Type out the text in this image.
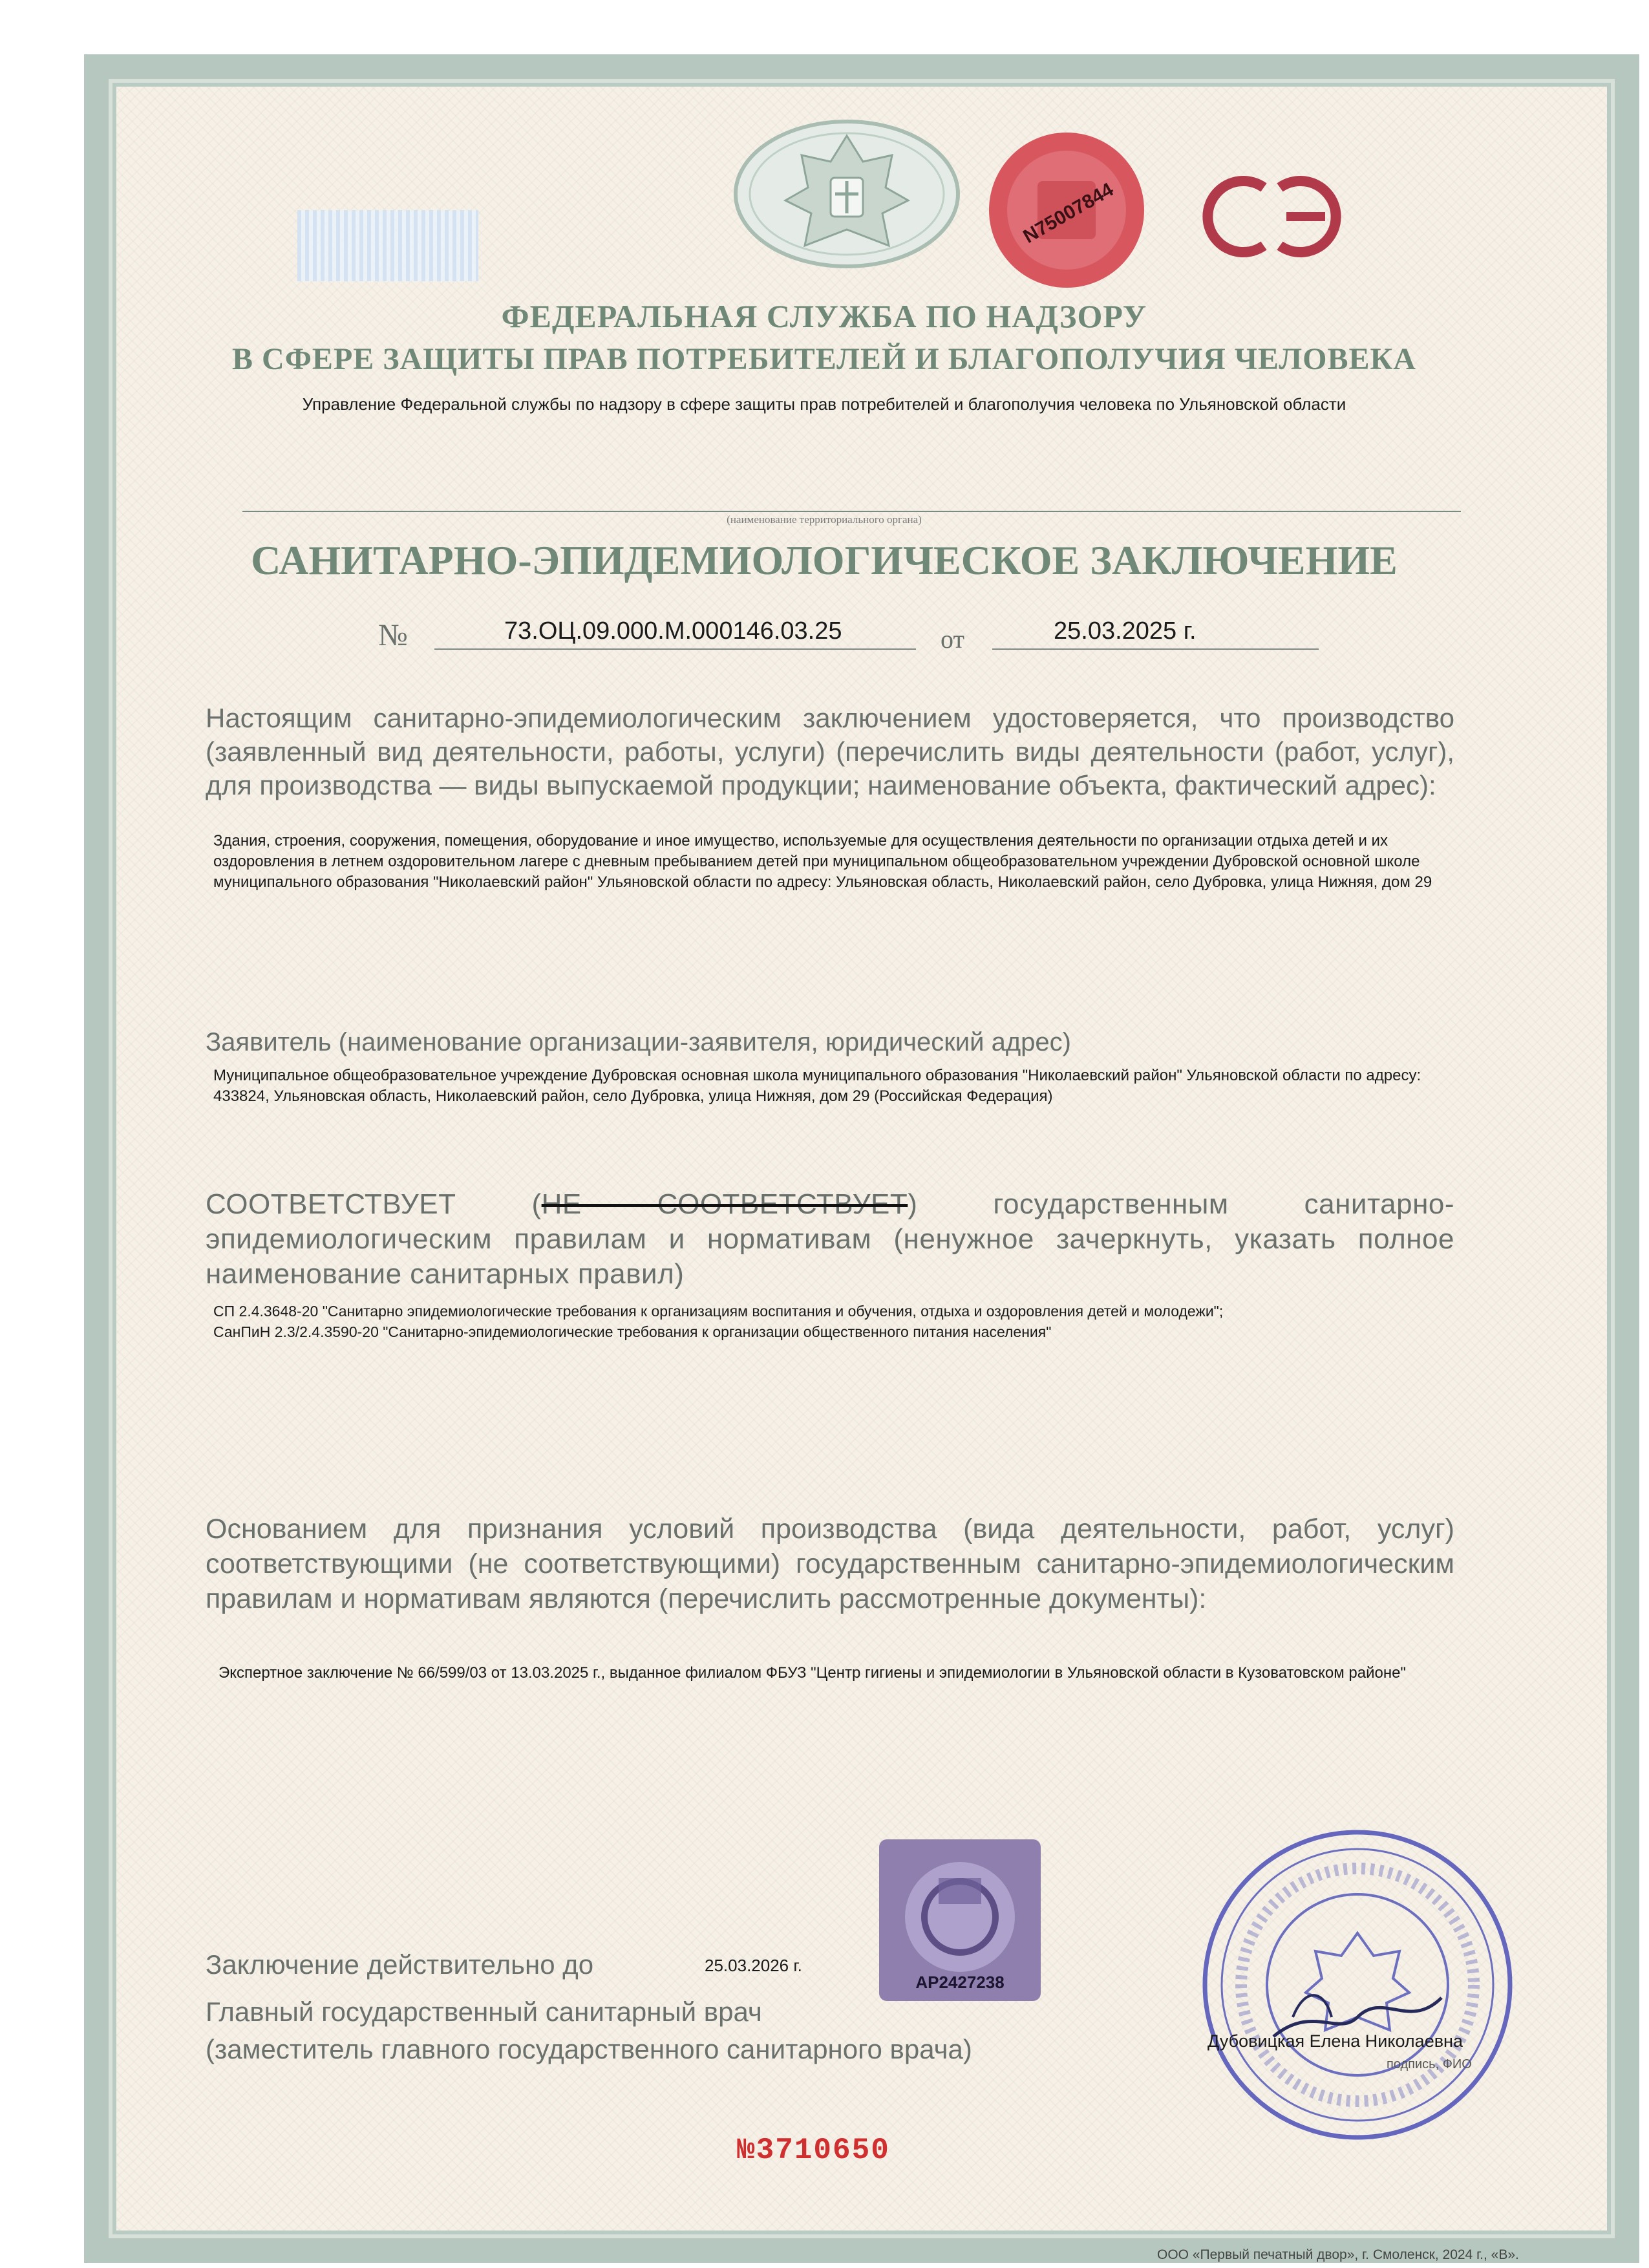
N75007844
ФЕДЕРАЛЬНАЯ СЛУЖБА ПО НАДЗОРУ
В СФЕРЕ ЗАЩИТЫ ПРАВ ПОТРЕБИТЕЛЕЙ И БЛАГОПОЛУЧИЯ ЧЕЛОВЕКА
Управление Федеральной службы по надзору в сфере защиты прав потребителей и благополучия человека по Ульяновской области
(наименование территориального органа)
САНИТАРНО-ЭПИДЕМИОЛОГИЧЕСКОЕ ЗАКЛЮЧЕНИЕ
№	73.ОЦ.09.000.М.000146.03.25	от	25.03.2025 г.
Настоящим санитарно-эпидемиологическим заключением удостоверяется, что производство (заявленный вид деятельности, работы, услуги) (перечислить виды деятельности (работ, услуг), для производства — виды выпускаемой продукции; наименование объекта, фактический адрес):
Здания, строения, сооружения, помещения, оборудование и иное имущество, используемые для осуществления деятельности по организации отдыха детей и их оздоровления в летнем оздоровительном лагере с дневным пребыванием детей при муниципальном общеобразовательном учреждении Дубровской основной школе муниципального образования "Николаевский район" Ульяновской области по адресу: Ульяновская область, Николаевский район, село Дубровка, улица Нижняя, дом 29
Заявитель (наименование организации-заявителя, юридический адрес)
Муниципальное общеобразовательное учреждение Дубровская основная школа муниципального образования "Николаевский район" Ульяновской области по адресу: 433824, Ульяновская область, Николаевский район, село Дубровка, улица Нижняя, дом 29 (Российская Федерация)
СООТВЕТСТВУЕТ	(НЕ СООТВЕТСТВУЕТ) государственным санитарно-эпидемиологическим правилам и нормативам (ненужное зачеркнуть, указать полное наименование санитарных правил)
СП 2.4.3648-20 "Санитарно эпидемиологические требования к организациям воспитания и обучения, отдыха и оздоровления детей и молодежи";
СанПиН 2.3/2.4.3590-20 "Санитарно-эпидемиологические требования к организации общественного питания населения"
Основанием для признания условий производства (вида деятельности, работ, услуг) соответствующими (не соответствующими) государственным санитарно-эпидемиологическим правилам и нормативам являются (перечислить рассмотренные документы):
Экспертное заключение № 66/599/03 от 13.03.2025 г., выданное филиалом ФБУЗ "Центр гигиены и эпидемиологии в Ульяновской области в Кузоватовском районе"
AP2427238
Заключение действительно до	25.03.2026 г.
Главный государственный санитарный врач
(заместитель главного государственного санитарного врача)	Дубовицкая Елена Николаевна
подпись, ФИО
№3710650
ООО «Первый печатный двор», г. Смоленск, 2024 г., «В».
